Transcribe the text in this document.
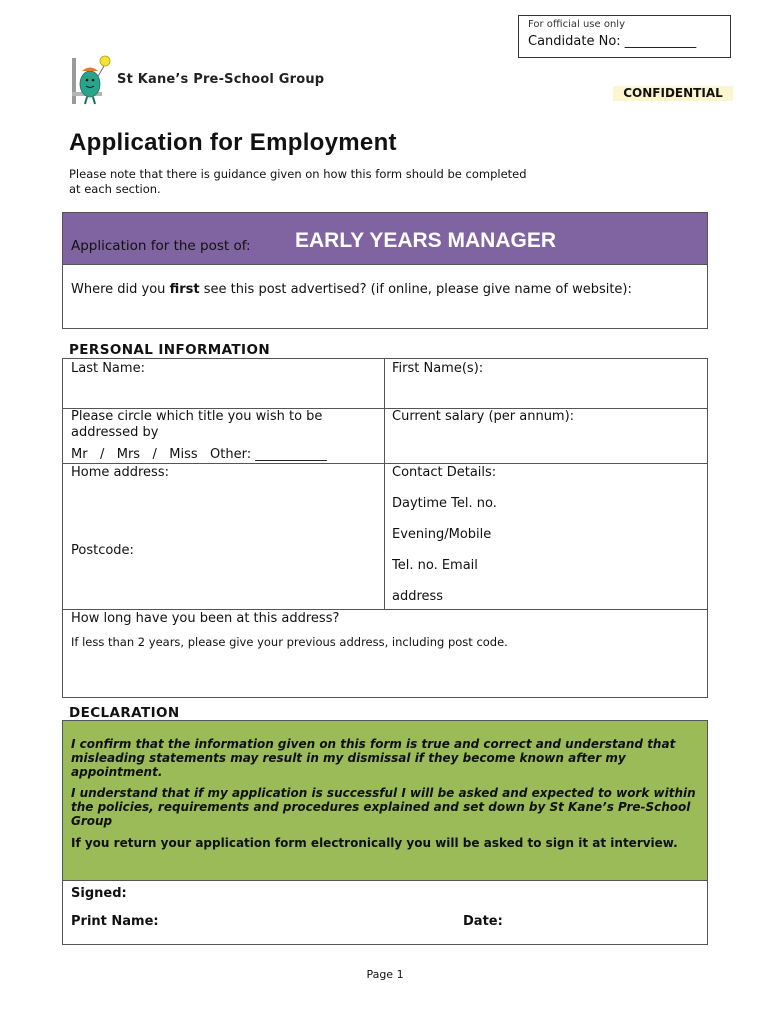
For official use only
Candidate No: ___________
St Kane’s Pre-School Group
CONFIDENTIAL
Application for Employment
Please note that there is guidance given on how this form should be completed at each section.
Application for the post of: EARLY YEARS MANAGER
Where did you first see this post advertised? (if online, please give name of website):
PERSONAL INFORMATION
Last Name:	First Name(s):
Please circle which title you wish to be addressed by
Mr   /   Mrs   /   Miss   Other: ___________
Current salary (per annum):
Home address:
Postcode:
Contact Details:
Daytime Tel. no.
Evening/Mobile
Tel. no. Email
address
How long have you been at this address?
If less than 2 years, please give your previous address, including post code.
DECLARATION
I confirm that the information given on this form is true and correct and understand that misleading statements may result in my dismissal if they become known after my appointment.
I understand that if my application is successful I will be asked and expected to work within the policies, requirements and procedures explained and set down by St Kane’s Pre-School Group
If you return your application form electronically you will be asked to sign it at interview.
Signed:
Print Name:	Date:
Page 1
